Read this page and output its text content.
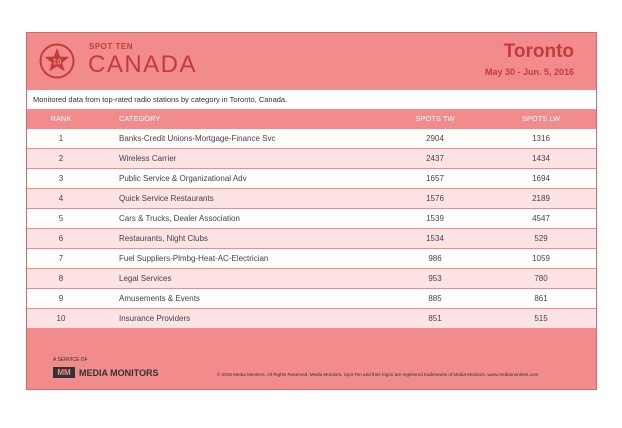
10
SPOT TEN
CANADA	Toronto
May 30 - Jun. 5, 2016
Monitored data from top-rated radio stations by category in Toronto, Canada.
RANK	CATEGORY	SPOTS TW	SPOTS LW
1	Banks-Credit Unions-Mortgage-Finance Svc	2904	1316
2	Wireless Carrier	2437	1434
3	Public Service & Organizational Adv	1657	1694
4	Quick Service Restaurants	1576	2189
5	Cars & Trucks, Dealer Association	1539	4547
6	Restaurants, Night Clubs	1534	529
7	Fuel Suppliers-Plmbg-Heat-AC-Electrician	986	1059
8	Legal Services	953	780
9	Amusements & Events	885	861
10	Insurance Providers	851	515
A SERVICE OF
MM MEDIA MONITORS	© 2016 Media Monitors. All Rights Reserved. Media Monitors, Spot Ten and their logos are registered trademarks of Media Monitors. www.mediamonitors.com
